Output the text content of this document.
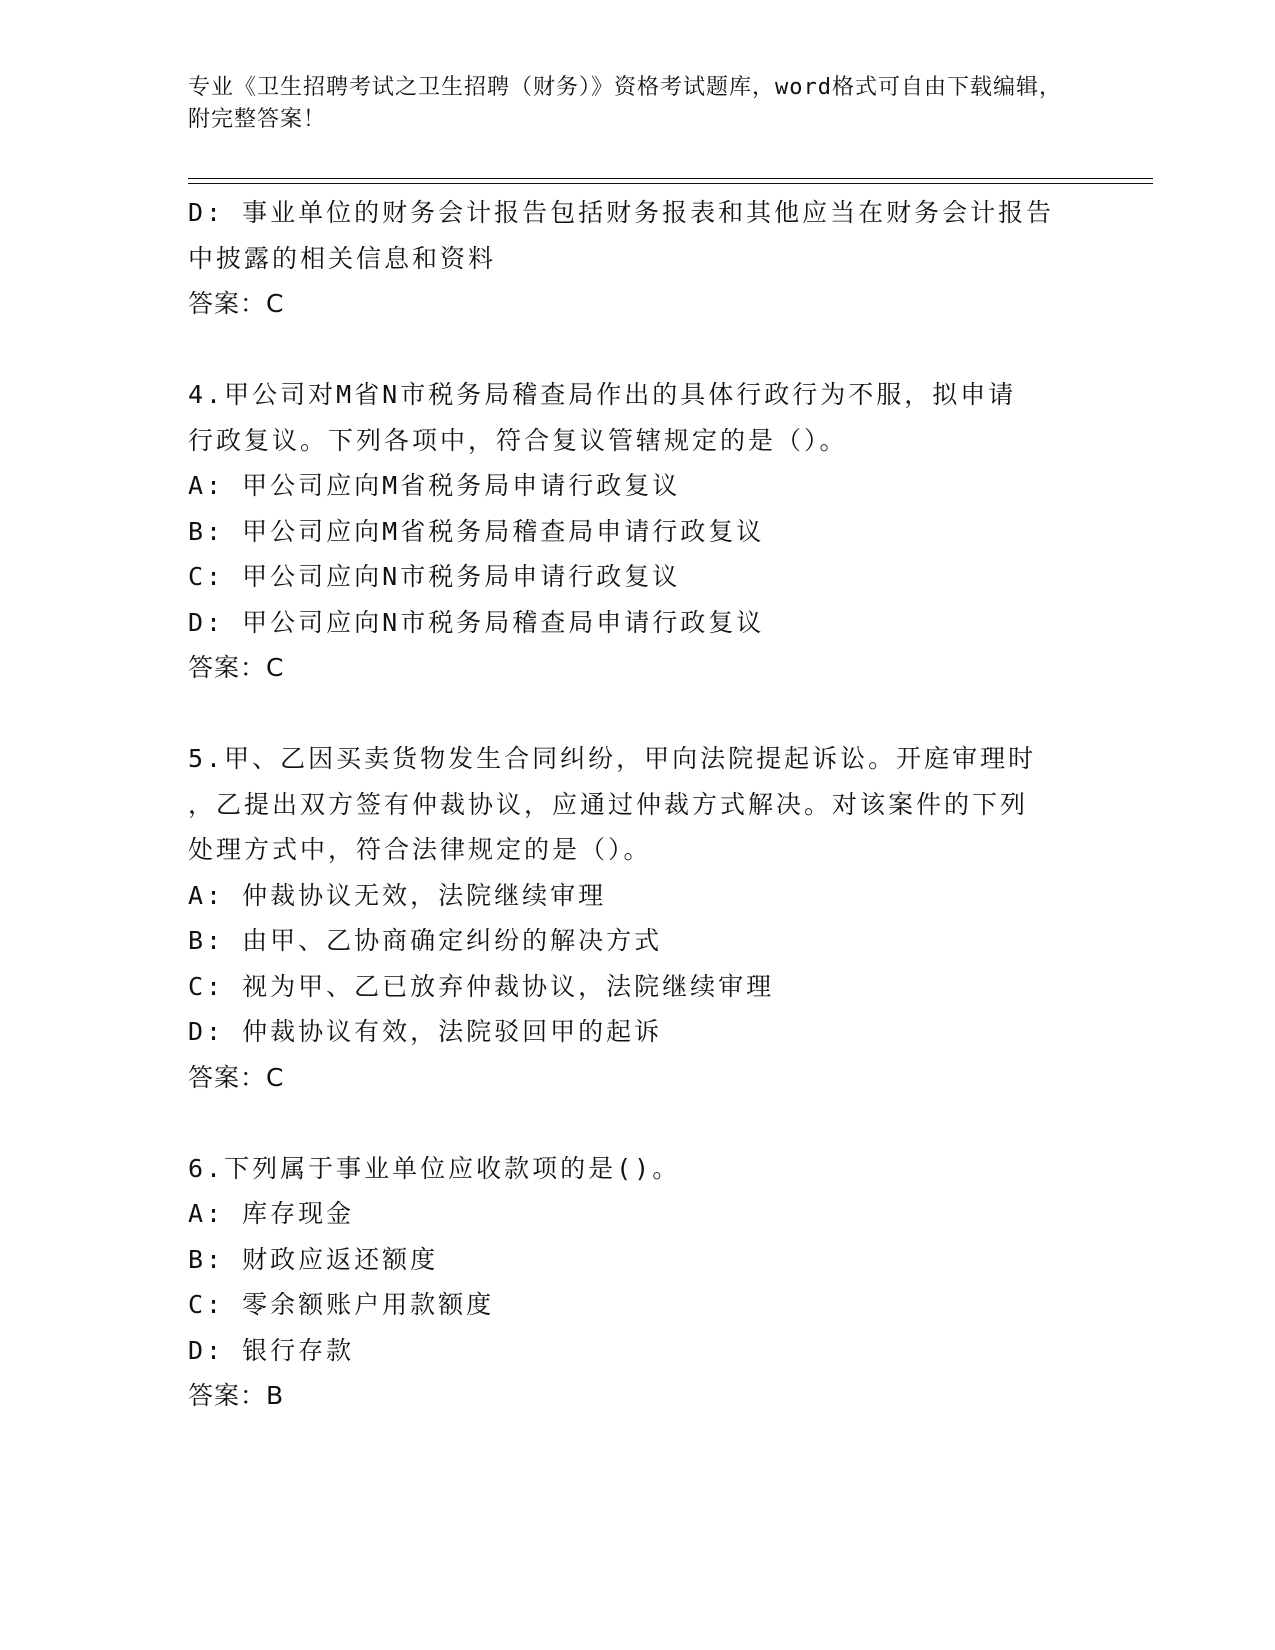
专业《卫生招聘考试之卫生招聘（财务）》资格考试题库，word格式可自由下载编辑，附完整答案！
D: 事业单位的财务会计报告包括财务报表和其他应当在财务会计报告
中披露的相关信息和资料
答案：C
4.甲公司对M省N市税务局稽查局作出的具体行政行为不服，拟申请
行政复议。下列各项中，符合复议管辖规定的是（）。
A: 甲公司应向M省税务局申请行政复议
B: 甲公司应向M省税务局稽查局申请行政复议
C: 甲公司应向N市税务局申请行政复议
D: 甲公司应向N市税务局稽查局申请行政复议
答案：C
5.甲、乙因买卖货物发生合同纠纷，甲向法院提起诉讼。开庭审理时
，乙提出双方签有仲裁协议，应通过仲裁方式解决。对该案件的下列
处理方式中，符合法律规定的是（）。
A: 仲裁协议无效，法院继续审理
B: 由甲、乙协商确定纠纷的解决方式
C: 视为甲、乙已放弃仲裁协议，法院继续审理
D: 仲裁协议有效，法院驳回甲的起诉
答案：C
6.下列属于事业单位应收款项的是()。
A: 库存现金
B: 财政应返还额度
C: 零余额账户用款额度
D: 银行存款
答案：B
